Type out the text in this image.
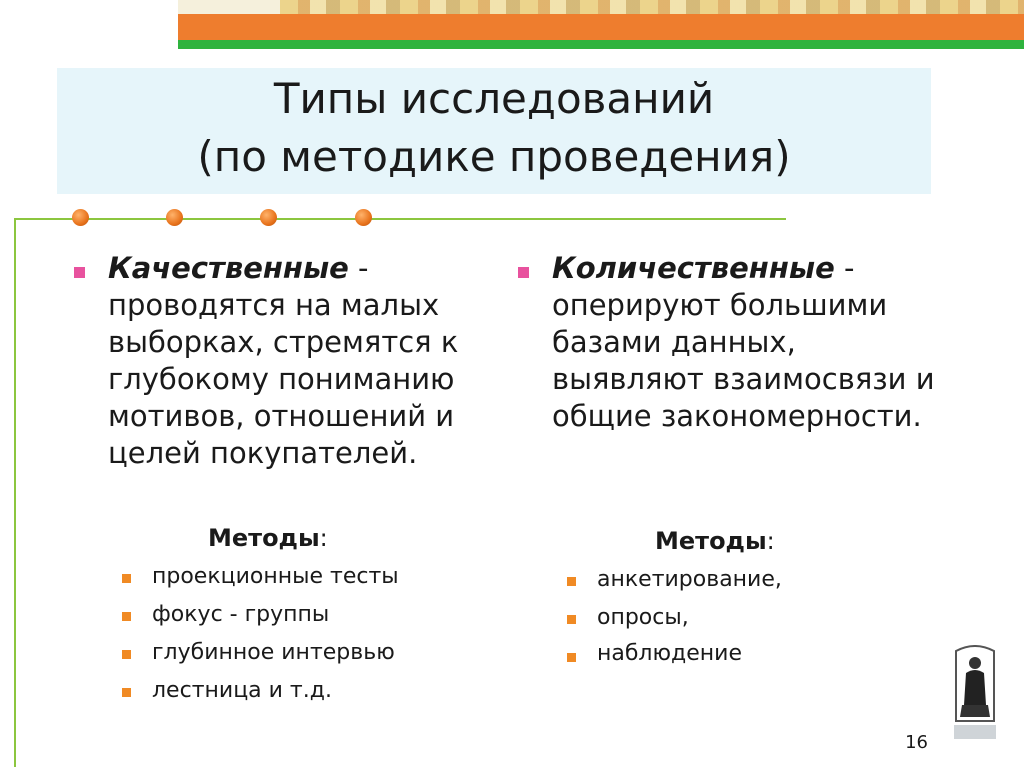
Типы исследований
(по методике проведения)
Качественные - проводятся на малых выборках, стремятся к глубокому пониманию мотивов, отношений и целей покупателей.
Методы:
проекционные тесты
фокус - группы
глубинное интервью
лестница и т.д.
Количественные - оперируют большими базами данных, выявляют взаимосвязи и общие закономерности.
Методы:
анкетирование,
опросы,
наблюдение
16
